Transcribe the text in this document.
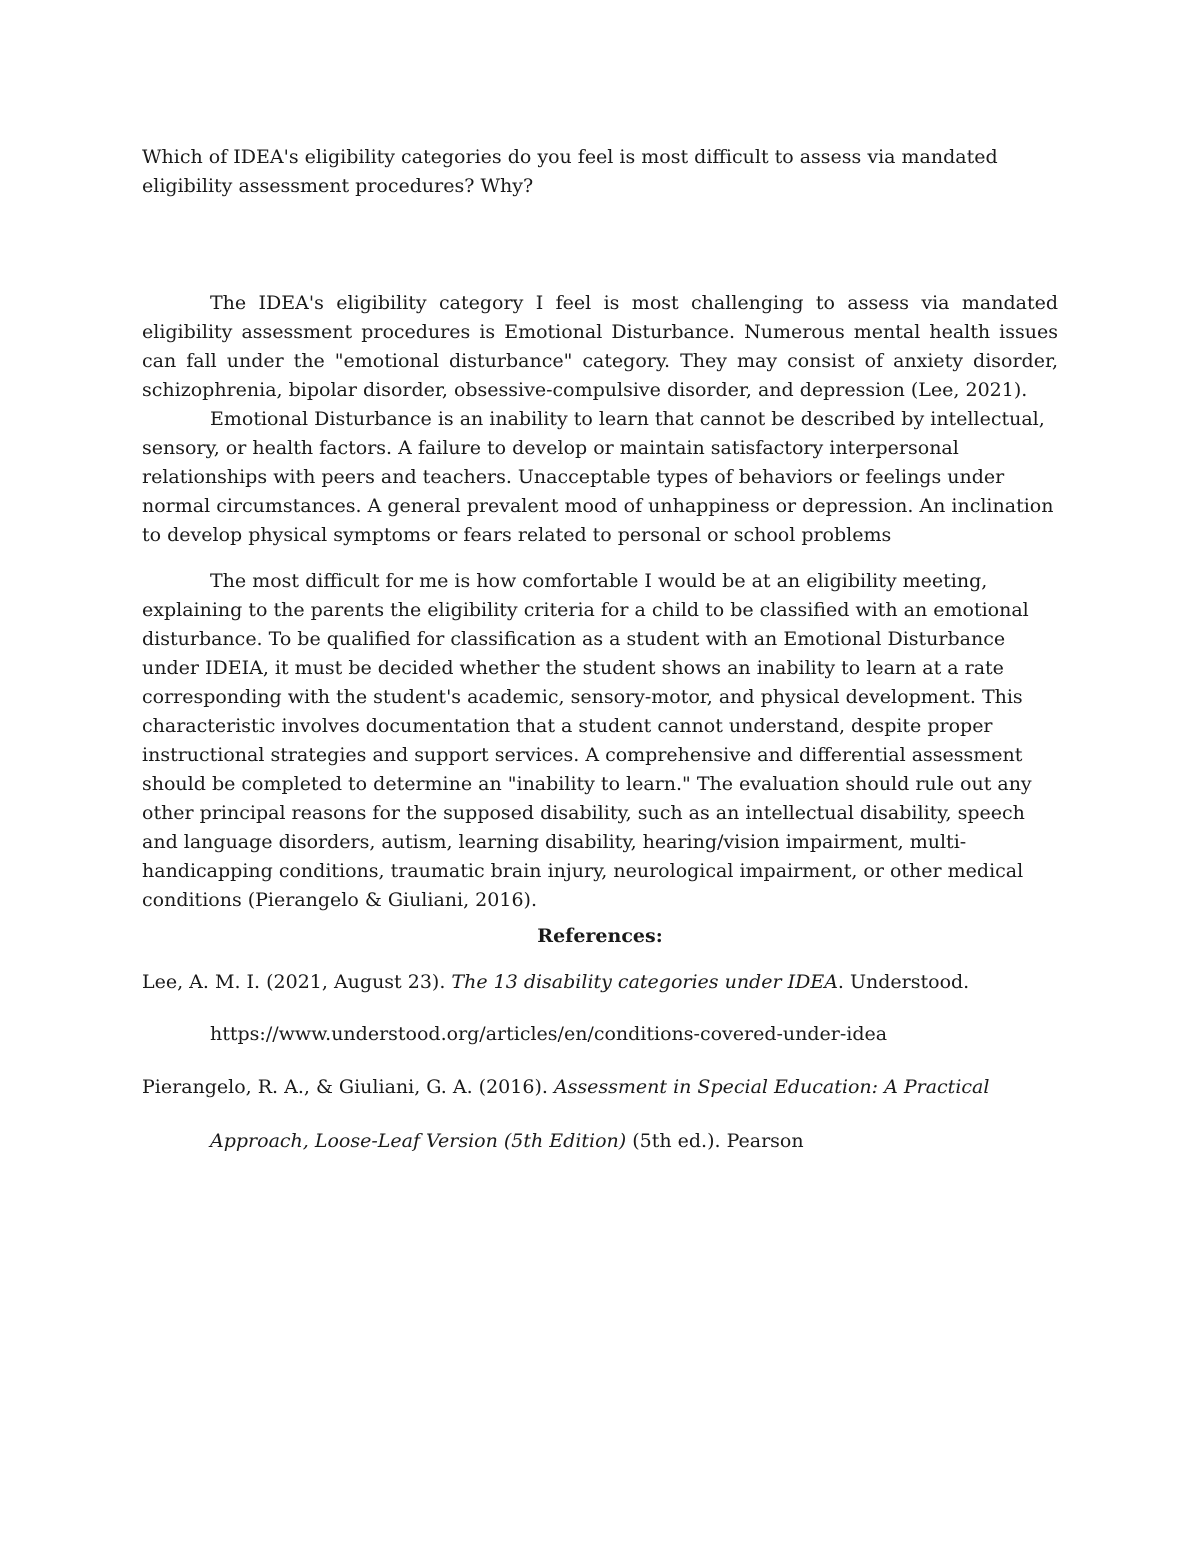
Which of IDEA's eligibility categories do you feel is most difficult to assess via mandated eligibility assessment procedures? Why?

The IDEA's eligibility category I feel is most challenging to assess via mandated eligibility assessment procedures is Emotional Disturbance. Numerous mental health issues can fall under the "emotional disturbance" category. They may consist of anxiety disorder, schizophrenia, bipolar disorder, obsessive-compulsive disorder, and depression (Lee, 2021).

Emotional Disturbance is an inability to learn that cannot be described by intellectual, sensory, or health factors. A failure to develop or maintain satisfactory interpersonal relationships with peers and teachers. Unacceptable types of behaviors or feelings under normal circumstances. A general prevalent mood of unhappiness or depression. An inclination to develop physical symptoms or fears related to personal or school problems

The most difficult for me is how comfortable I would be at an eligibility meeting, explaining to the parents the eligibility criteria for a child to be classified with an emotional disturbance. To be qualified for classification as a student with an Emotional Disturbance under IDEIA, it must be decided whether the student shows an inability to learn at a rate corresponding with the student's academic, sensory-motor, and physical development. This characteristic involves documentation that a student cannot understand, despite proper instructional strategies and support services. A comprehensive and differential assessment should be completed to determine an "inability to learn." The evaluation should rule out any other principal reasons for the supposed disability, such as an intellectual disability, speech and language disorders, autism, learning disability, hearing/vision impairment, multi-handicapping conditions, traumatic brain injury, neurological impairment, or other medical conditions (Pierangelo & Giuliani, 2016).

References:

Lee, A. M. I. (2021, August 23). The 13 disability categories under IDEA. Understood.

https://www.understood.org/articles/en/conditions-covered-under-idea

Pierangelo, R. A., & Giuliani, G. A. (2016). Assessment in Special Education: A Practical

Approach, Loose-Leaf Version (5th Edition) (5th ed.). Pearson
